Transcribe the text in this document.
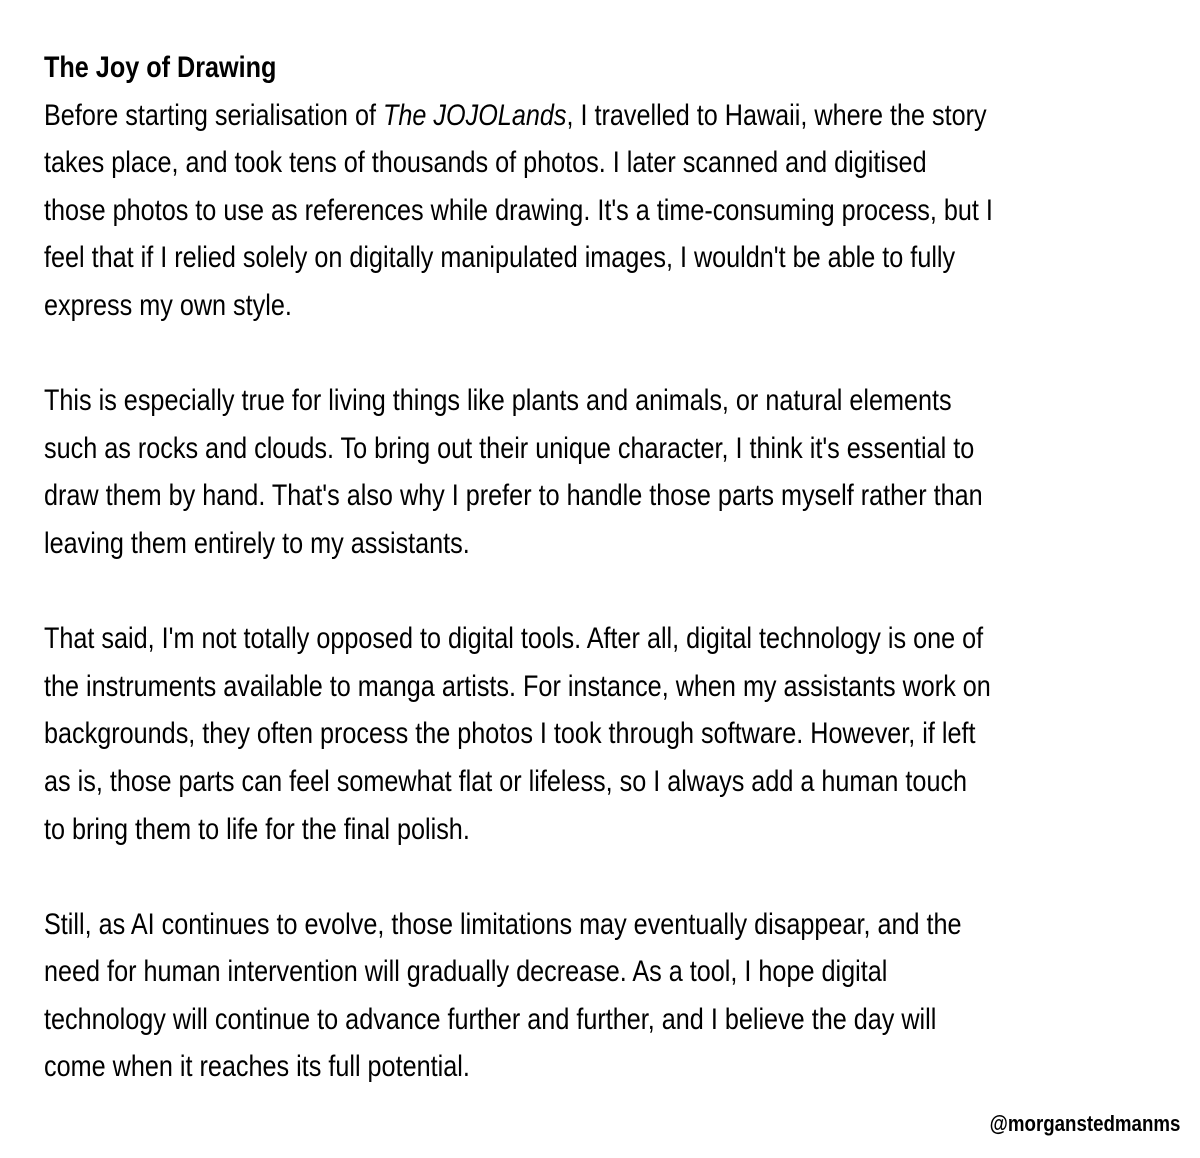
The Joy of Drawing

Before starting serialisation of The JOJOLands, I travelled to Hawaii, where the story takes place, and took tens of thousands of photos. I later scanned and digitised those photos to use as references while drawing. It's a time-consuming process, but I feel that if I relied solely on digitally manipulated images, I wouldn't be able to fully express my own style.

This is especially true for living things like plants and animals, or natural elements such as rocks and clouds. To bring out their unique character, I think it's essential to draw them by hand. That's also why I prefer to handle those parts myself rather than leaving them entirely to my assistants.

That said, I'm not totally opposed to digital tools. After all, digital technology is one of the instruments available to manga artists. For instance, when my assistants work on backgrounds, they often process the photos I took through software. However, if left as is, those parts can feel somewhat flat or lifeless, so I always add a human touch to bring them to life for the final polish.

Still, as AI continues to evolve, those limitations may eventually disappear, and the need for human intervention will gradually decrease. As a tool, I hope digital technology will continue to advance further and further, and I believe the day will come when it reaches its full potential.

@morganstedmanms
